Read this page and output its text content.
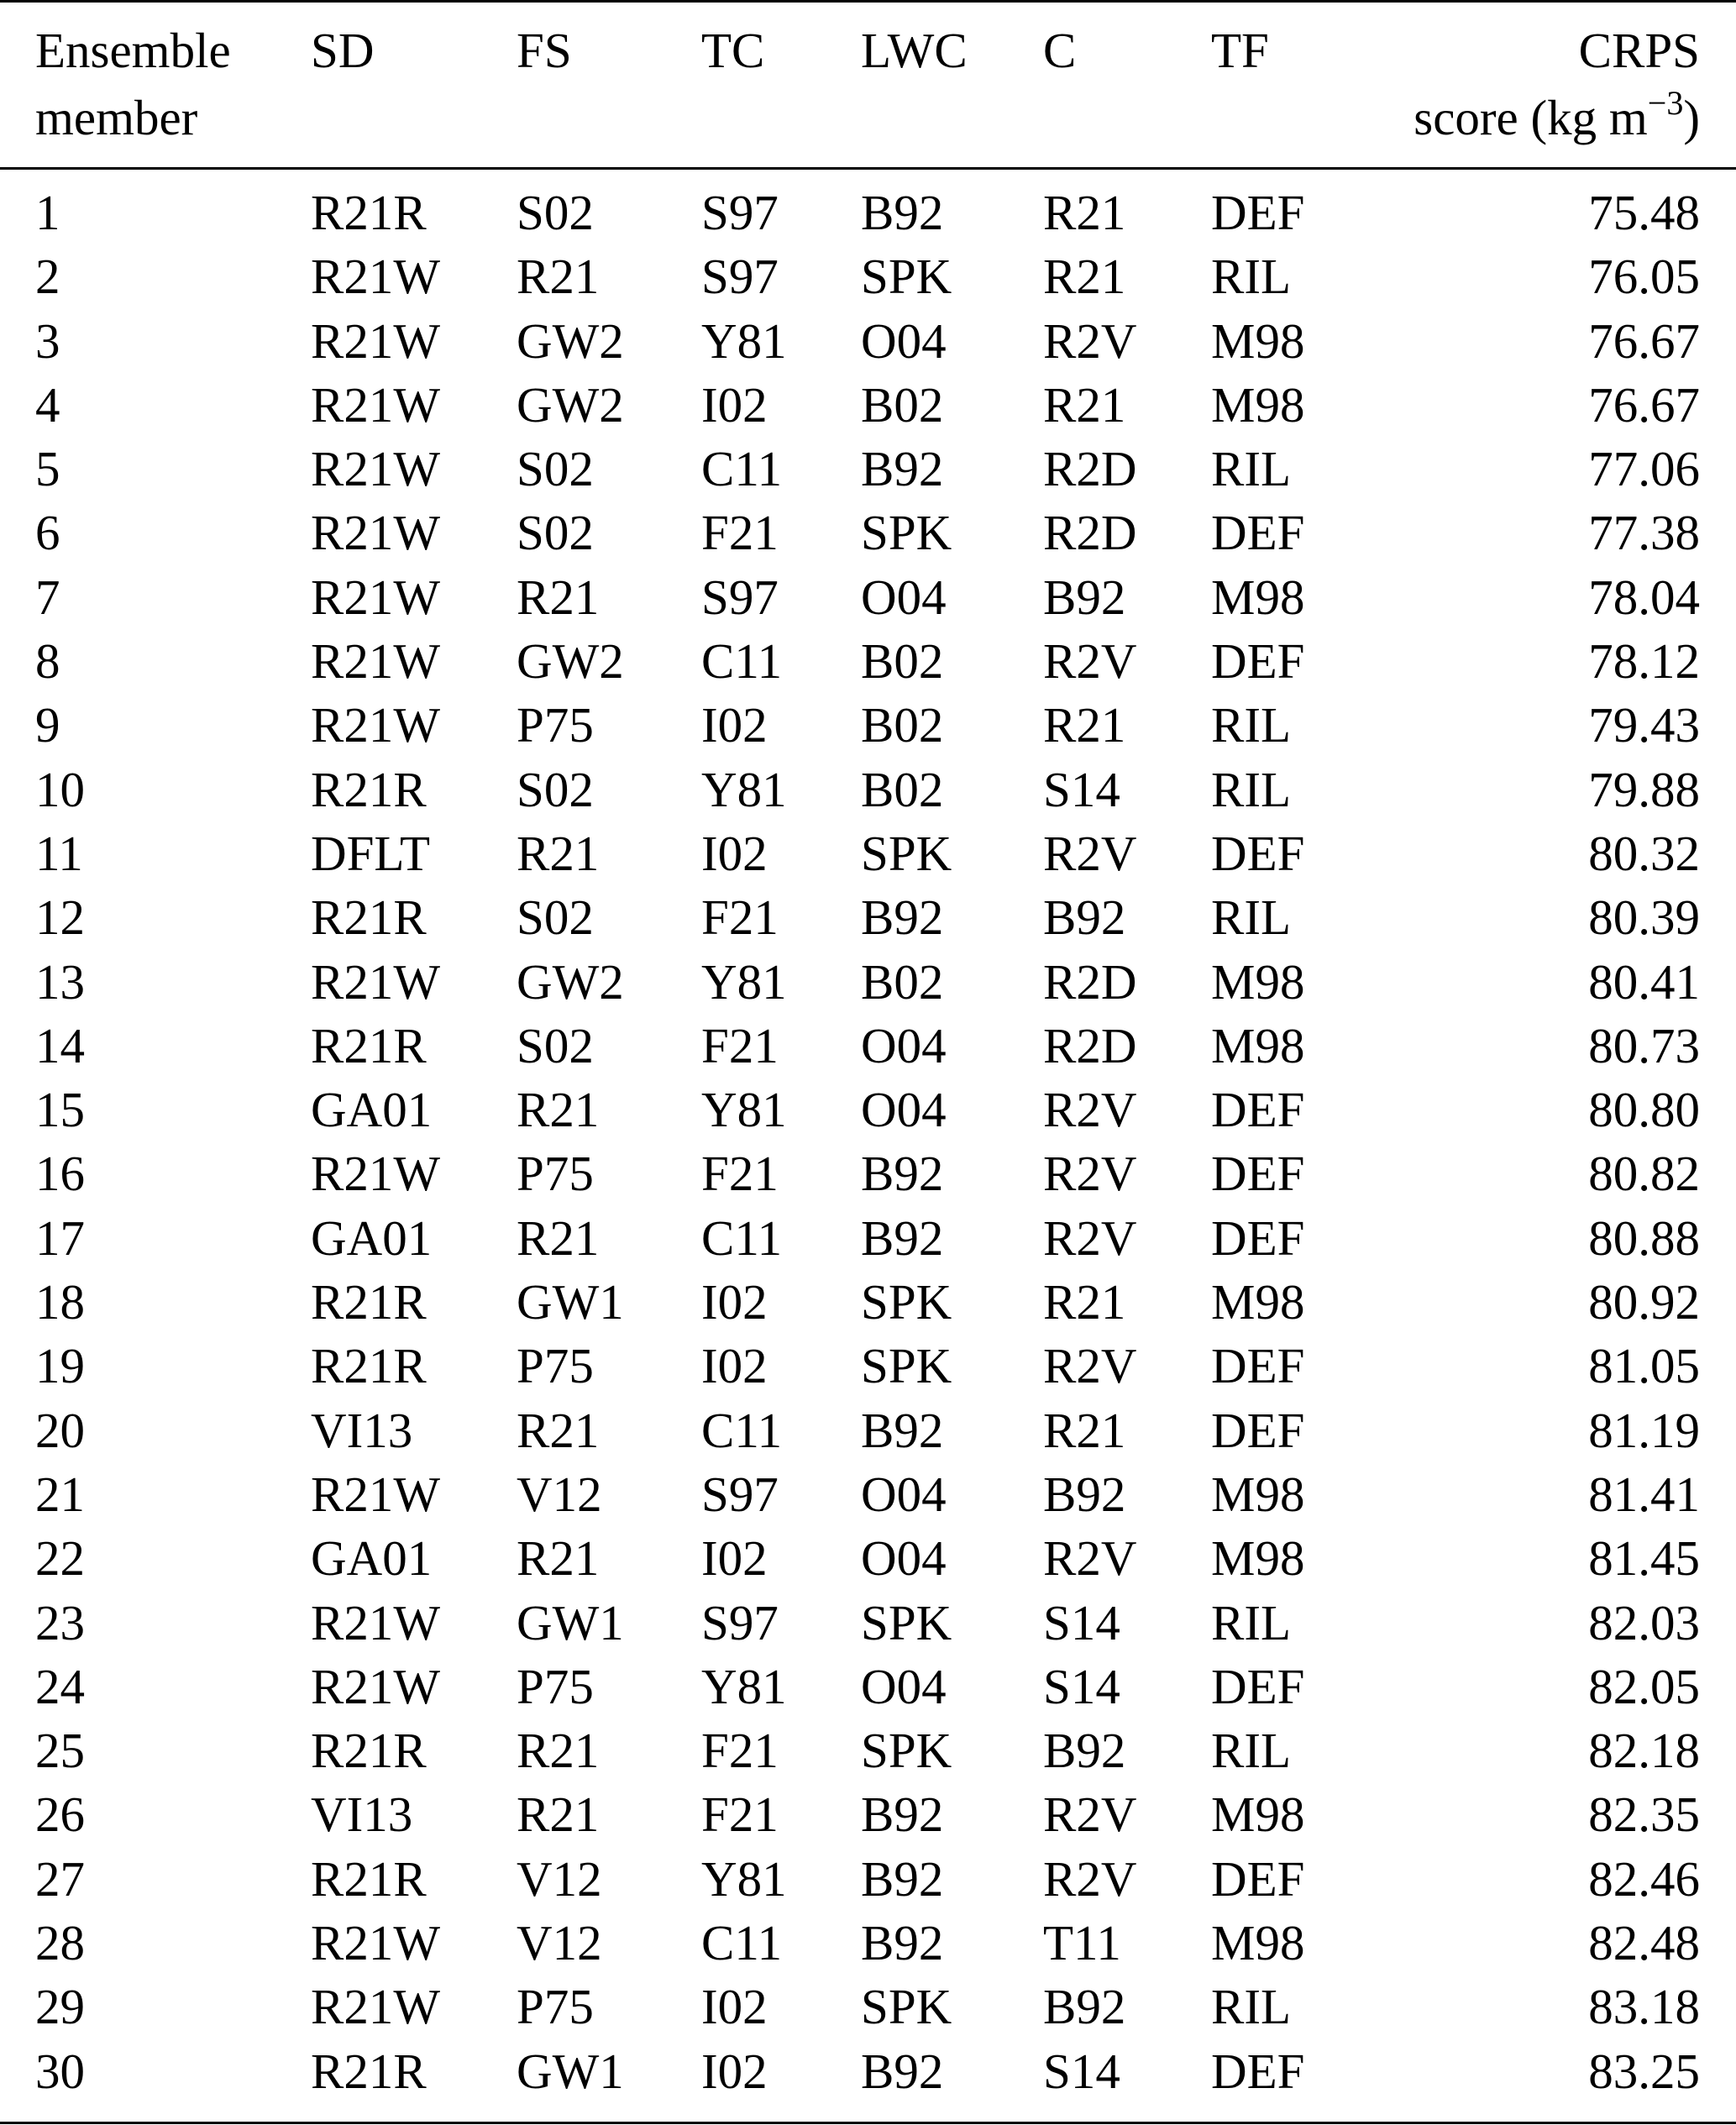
Ensemble
member
SD	FS	TC LWC C	TF	CRPS
score (kg $m^{-3}$)
1	R21R S02 S97 B92 R21 DEF	75.48
2	R21W R21 S97 SPK R21 RIL	76.05
3	R21W GW2 Y81 O04 R2V M98	76.67
4	R21W GW2 I02 B02 R21 M98	76.67
5	R21W S02 C11 B92 R2D RIL	77.06
6	R21W S02 F21 SPK R2D DEF	77.38
7	R21W R21 S97 O04 B92 M98	78.04
8	R21W GW2 C11 B02 R2V DEF	78.12
9	R21W P75 I02 B02 R21 RIL	79.43
10	R21R S02 Y81 B02 S14 RIL	79.88
11	DFLT R21 I02 SPK R2V DEF	80.32
12	R21R S02 F21 B92 B92 RIL	80.39
13	R21W GW2 Y81 B02 R2D M98	80.41
14	R21R S02 F21 O04 R2D M98	80.73
15	GA01 R21 Y81 O04 R2V DEF	80.80
16	R21W P75 F21 B92 R2V DEF	80.82
17	GA01 R21 C11 B92 R2V DEF	80.88
18	R21R GW1 I02 SPK R21 M98	80.92
19	R21R P75 I02 SPK R2V DEF	81.05
20	VI13 R21 C11 B92 R21 DEF	81.19
21	R21W V12 S97 O04 B92 M98	81.41
22	GA01 R21 I02 O04 R2V M98	81.45
23	R21W GW1 S97 SPK S14 RIL	82.03
24	R21W P75 Y81 O04 S14 DEF	82.05
25	R21R R21 F21 SPK B92 RIL	82.18
26	VI13 R21 F21 B92 R2V M98	82.35
27	R21R V12 Y81 B92 R2V DEF	82.46
28	R21W V12 C11 B92 T11 M98	82.48
29	R21W P75 I02 SPK B92 RIL	83.18
30	R21R GW1 I02 B92 S14 DEF	83.25
